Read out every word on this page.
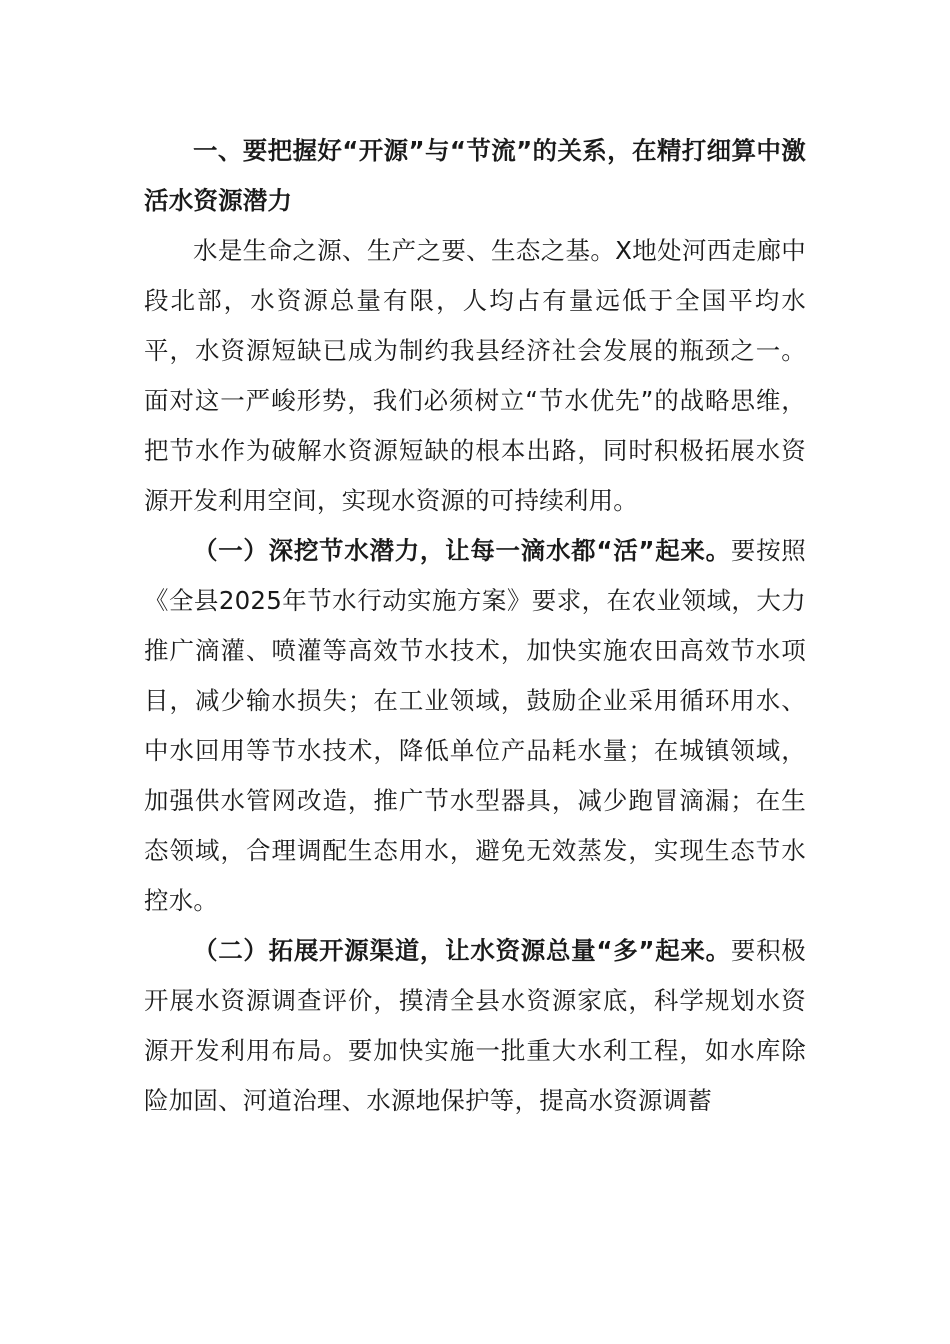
一、要把握好“开源”与“节流”的关系，在精打细算中激活水资源潜力

水是生命之源、生产之要、生态之基。X地处河西走廊中段北部，水资源总量有限，人均占有量远低于全国平均水平，水资源短缺已成为制约我县经济社会发展的瓶颈之一。面对这一严峻形势，我们必须树立“节水优先”的战略思维，把节水作为破解水资源短缺的根本出路，同时积极拓展水资源开发利用空间，实现水资源的可持续利用。

（一）深挖节水潜力，让每一滴水都“活”起来。要按照《全县2025年节水行动实施方案》要求，在农业领域，大力推广滴灌、喷灌等高效节水技术，加快实施农田高效节水项目，减少输水损失；在工业领域，鼓励企业采用循环用水、中水回用等节水技术，降低单位产品耗水量；在城镇领域，加强供水管网改造，推广节水型器具，减少跑冒滴漏；在生态领域，合理调配生态用水，避免无效蒸发，实现生态节水控水。

（二）拓展开源渠道，让水资源总量“多”起来。要积极开展水资源调查评价，摸清全县水资源家底，科学规划水资源开发利用布局。要加快实施一批重大水利工程，如水库除险加固、河道治理、水源地保护等，提高水资源调蓄
